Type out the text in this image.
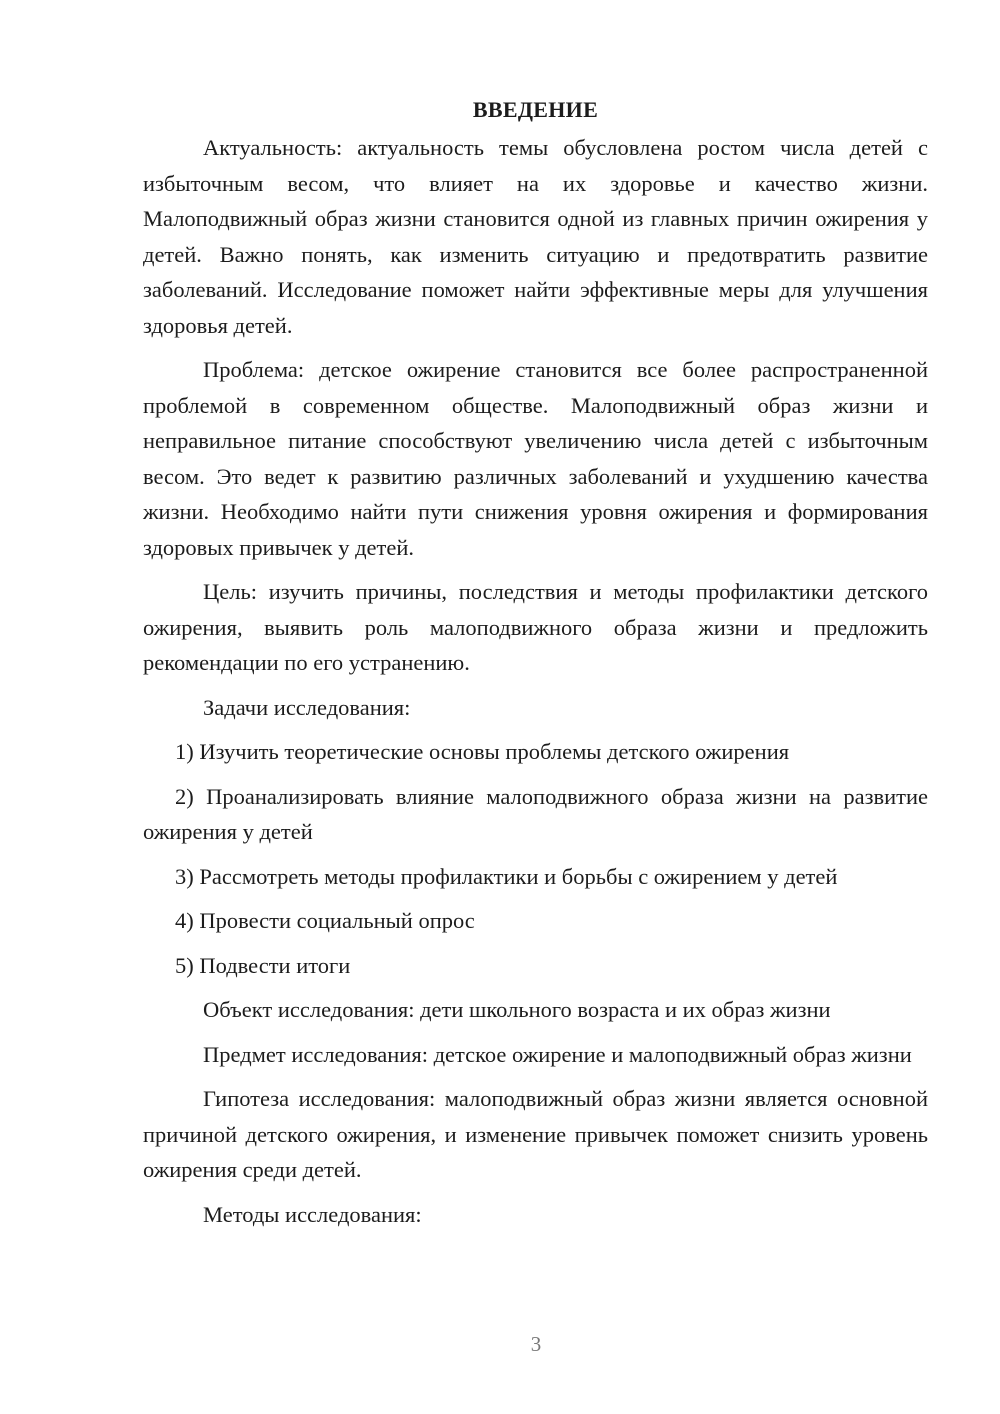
ВВЕДЕНИЕ

Актуальность: актуальность темы обусловлена ростом числа детей с избыточным весом, что влияет на их здоровье и качество жизни. Малоподвижный образ жизни становится одной из главных причин ожирения у детей. Важно понять, как изменить ситуацию и предотвратить развитие заболеваний. Исследование поможет найти эффективные меры для улучшения здоровья детей.

Проблема: детское ожирение становится все более распространенной проблемой в современном обществе. Малоподвижный образ жизни и неправильное питание способствуют увеличению числа детей с избыточным весом. Это ведет к развитию различных заболеваний и ухудшению качества жизни. Необходимо найти пути снижения уровня ожирения и формирования здоровых привычек у детей.

Цель: изучить причины, последствия и методы профилактики детского ожирения, выявить роль малоподвижного образа жизни и предложить рекомендации по его устранению.

Задачи исследования:

1) Изучить теоретические основы проблемы детского ожирения

2) Проанализировать влияние малоподвижного образа жизни на развитие ожирения у детей

3) Рассмотреть методы профилактики и борьбы с ожирением у детей

4) Провести социальный опрос

5) Подвести итоги

Объект исследования: дети школьного возраста и их образ жизни

Предмет исследования: детское ожирение и малоподвижный образ жизни

Гипотеза исследования: малоподвижный образ жизни является основной причиной детского ожирения, и изменение привычек поможет снизить уровень ожирения среди детей.

Методы исследования:

3
